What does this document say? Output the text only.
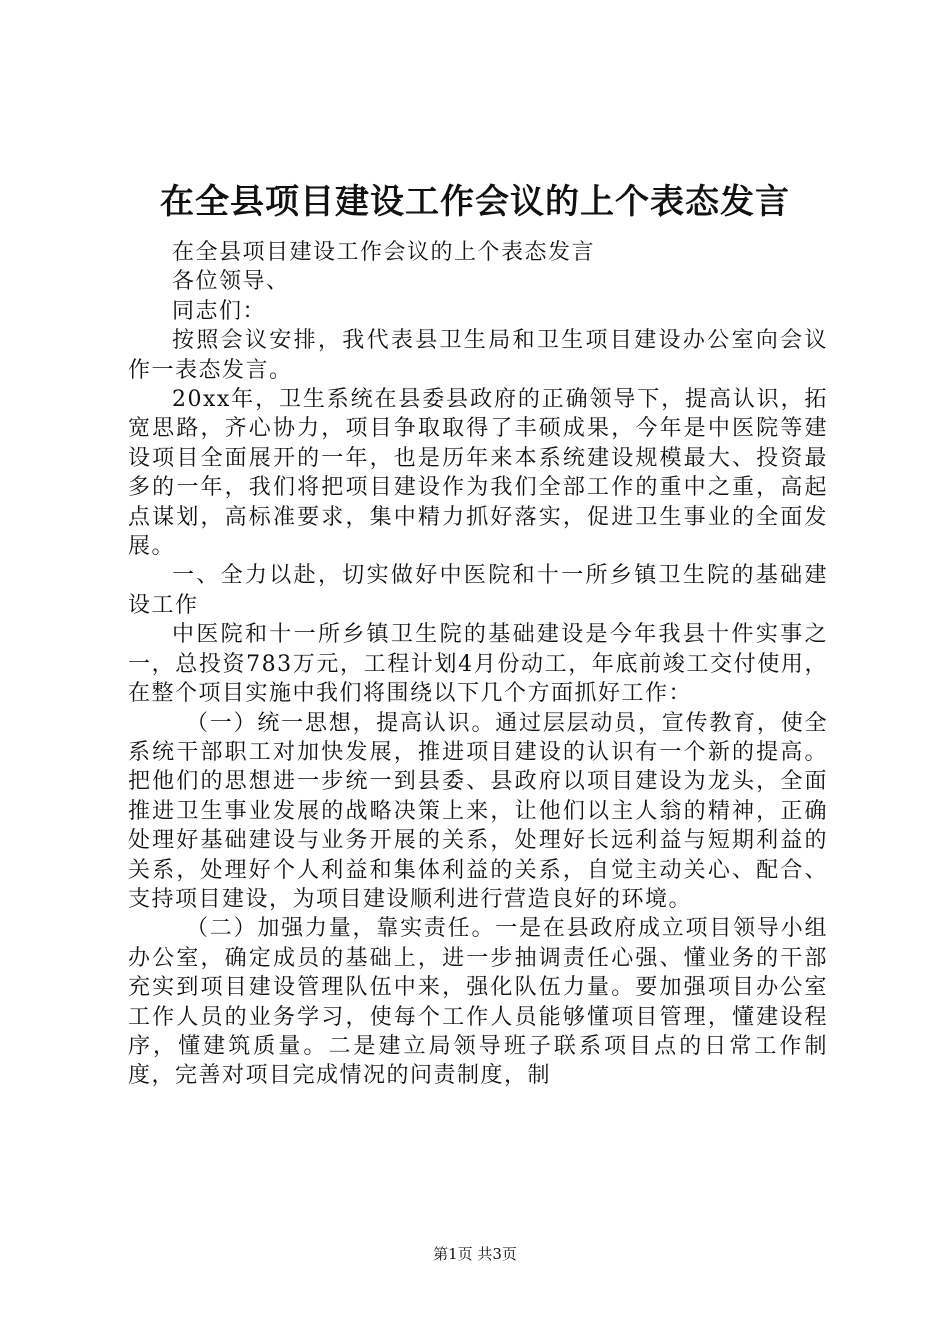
在全县项目建设工作会议的上个表态发言

在全县项目建设工作会议的上个表态发言

各位领导、

同志们：

按照会议安排，我代表县卫生局和卫生项目建设办公室向会议作一表态发言。

20xx年，卫生系统在县委县政府的正确领导下，提高认识，拓宽思路，齐心协力，项目争取取得了丰硕成果，今年是中医院等建设项目全面展开的一年，也是历年来本系统建设规模最大、投资最多的一年，我们将把项目建设作为我们全部工作的重中之重，高起点谋划，高标准要求，集中精力抓好落实，促进卫生事业的全面发展。

一、全力以赴，切实做好中医院和十一所乡镇卫生院的基础建设工作

中医院和十一所乡镇卫生院的基础建设是今年我县十件实事之一，总投资783万元，工程计划4月份动工，年底前竣工交付使用，在整个项目实施中我们将围绕以下几个方面抓好工作：

（一）统一思想，提高认识。通过层层动员，宣传教育，使全系统干部职工对加快发展，推进项目建设的认识有一个新的提高。把他们的思想进一步统一到县委、县政府以项目建设为龙头，全面推进卫生事业发展的战略决策上来，让他们以主人翁的精神，正确处理好基础建设与业务开展的关系，处理好长远利益与短期利益的关系，处理好个人利益和集体利益的关系，自觉主动关心、配合、支持项目建设，为项目建设顺利进行营造良好的环境。

（二）加强力量，靠实责任。一是在县政府成立项目领导小组办公室，确定成员的基础上，进一步抽调责任心强、懂业务的干部充实到项目建设管理队伍中来，强化队伍力量。要加强项目办公室工作人员的业务学习，使每个工作人员能够懂项目管理，懂建设程序，懂建筑质量。二是建立局领导班子联系项目点的日常工作制度，完善对项目完成情况的问责制度，制

第1页 共3页
